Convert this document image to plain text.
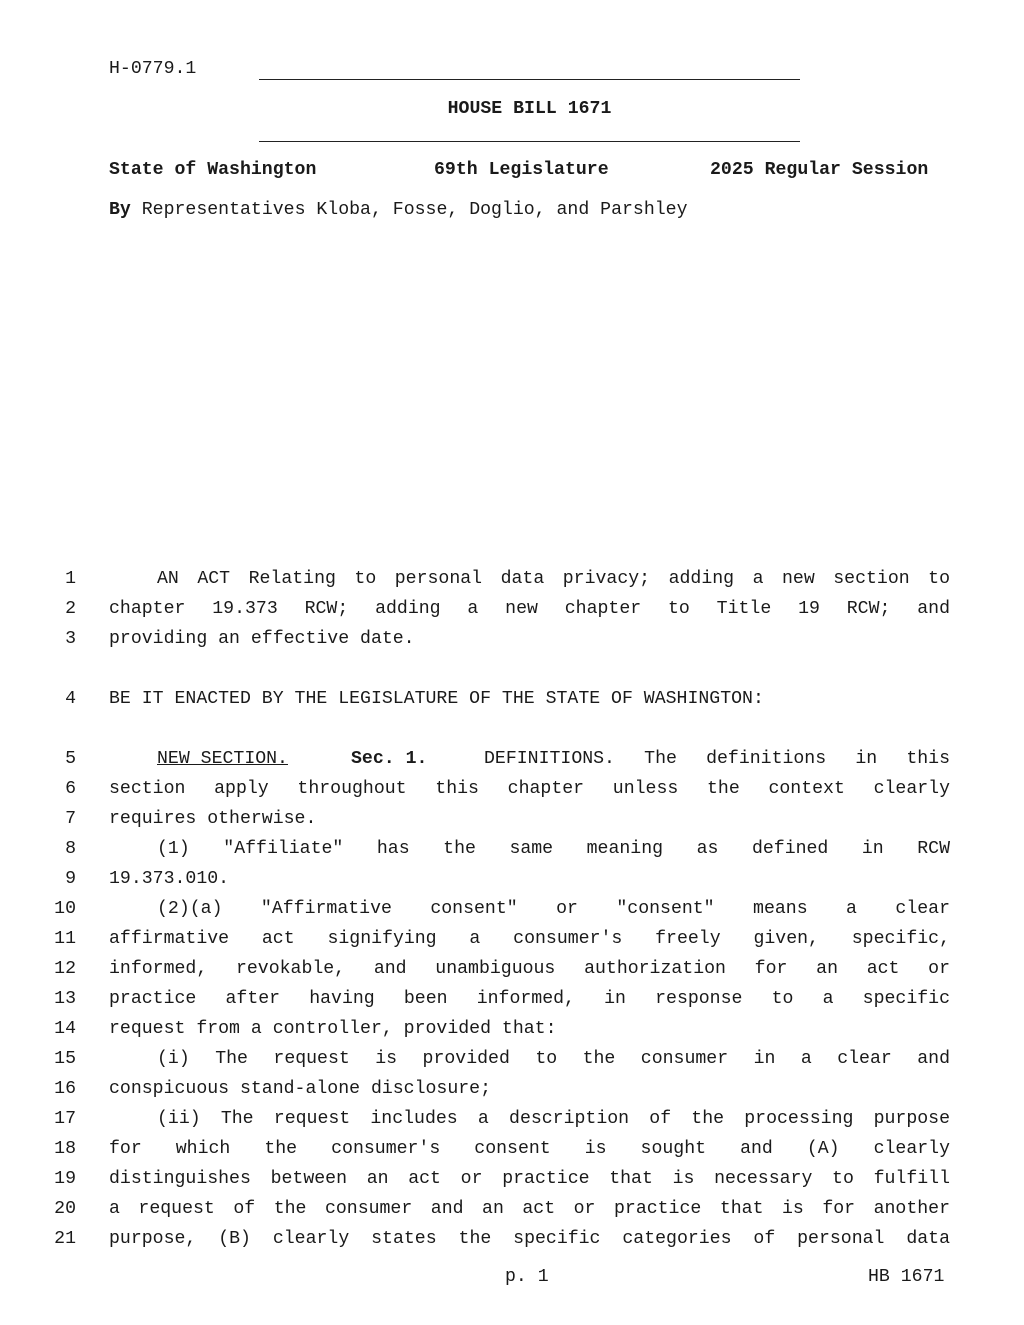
H-0779.1
HOUSE BILL 1671
State of Washington	69th Legislature	2025 Regular Session
By Representatives Kloba, Fosse, Doglio, and Parshley
1	AN ACT Relating to personal data privacy; adding a new section to
2 chapter 19.373 RCW; adding a new chapter to Title 19 RCW; and
3 providing an effective date.
4 BE IT ENACTED BY THE LEGISLATURE OF THE STATE OF WASHINGTON:
5	NEW SECTION.	Sec. 1.	DEFINITIONS. The definitions in this
6 section apply throughout this chapter unless the context clearly
7 requires otherwise.
8	(1) "Affiliate" has the same meaning as defined in RCW
9 19.373.010.
10	(2)(a) "Affirmative consent" or "consent" means a clear
11 affirmative act signifying a consumer's freely given, specific,
12 informed, revokable, and unambiguous authorization for an act or
13 practice after having been informed, in response to a specific
14 request from a controller, provided that:
15	(i) The request is provided to the consumer in a clear and
16 conspicuous stand-alone disclosure;
17	(ii) The request includes a description of the processing purpose
18 for which the consumer's consent is sought and (A) clearly
19 distinguishes between an act or practice that is necessary to fulfill
20 a request of the consumer and an act or practice that is for another
21 purpose, (B) clearly states the specific categories of personal data
p. 1	HB 1671
